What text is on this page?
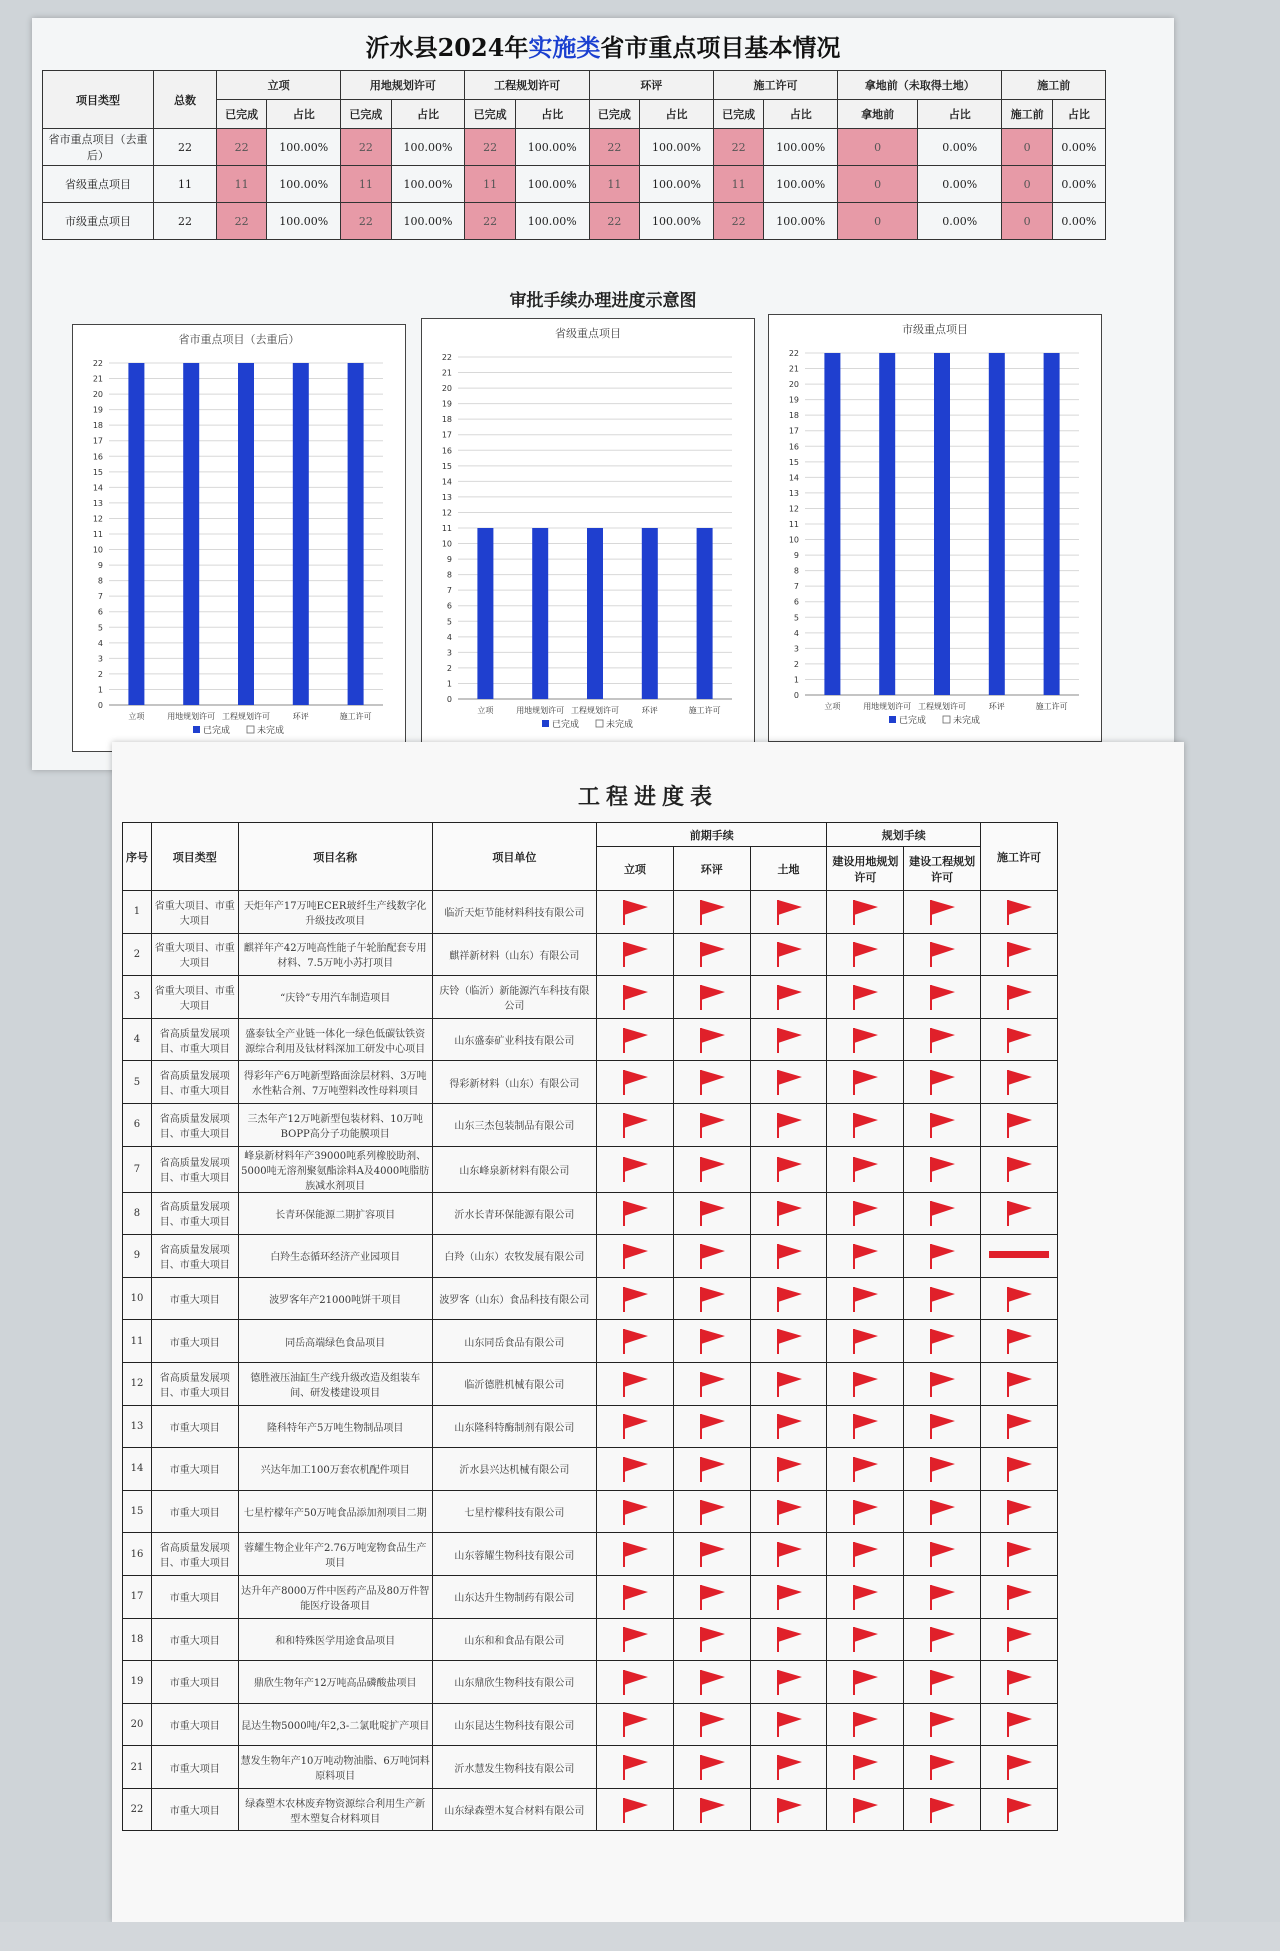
沂水县2024年实施类省市重点项目基本情况
项目类型	总数	立项		用地规划许可		工程规划许可		环评		施工许可		拿地前（未取得土地）		施工前	
		已完成	占比	已完成	占比	已完成	占比	已完成	占比	已完成	占比	拿地前	占比	施工前	占比
省市重点项目（去重后）	22	22	100.00%	22	100.00%	22	100.00%	22	100.00%	22	100.00%	0	0.00%	0	0.00%
省级重点项目	11	11	100.00%	11	100.00%	11	100.00%	11	100.00%	11	100.00%	0	0.00%	0	0.00%
市级重点项目	22	22	100.00%	22	100.00%	22	100.00%	22	100.00%	22	100.00%	0	0.00%	0	0.00%
审批手续办理进度示意图
省市重点项目（去重后）
0
1
2
3
4
5
6
7
8
9
10
11
12
13
14
15
16
17
18
19
20
21
22
立项	用地规划许可 工程规划许可	环评	施工许可
已完成	未完成
省级重点项目
0
1
2
3
4
5
6
7
8
9
10
11
12
13
14
15
16
17
18
19
20
21
22
立项	用地规划许可 工程规划许可	环评	施工许可
已完成	未完成
市级重点项目
0
1
2
3
4
5
6
7
8
9
10
11
12
13
14
15
16
17
18
19
20
21
22
立项	用地规划许可 工程规划许可	环评	施工许可
已完成	未完成
工程进度表
序号	项目类型	项目名称	项目单位	前期手续			规划手续		施工许可
				立项	环评	土地	建设用地规划许可	建设工程规划许可	
1	省重大项目、市重大项目	天炬年产17万吨ECER玻纤生产线数字化升级技改项目	临沂天炬节能材料科技有限公司	

2	省重大项目、市重大项目	麒祥年产42万吨高性能子午轮胎配套专用材料、7.5万吨小苏打项目	麒祥新材料（山东）有限公司	

3	省重大项目、市重大项目	“庆铃”专用汽车制造项目	庆铃（临沂）新能源汽车科技有限公司	

4	省高质量发展项目、市重大项目	盛泰钛全产业链一体化一绿色低碳钛铁资源综合利用及钛材料深加工研发中心项目	山东盛泰矿业科技有限公司	

5	省高质量发展项目、市重大项目	得彩年产6万吨新型路面涂层材料、3万吨水性粘合剂、7万吨塑料改性母料项目	得彩新材料（山东）有限公司	

6	省高质量发展项目、市重大项目	三杰年产12万吨新型包装材料、10万吨BOPP高分子功能膜项目	山东三杰包装制品有限公司	

7	省高质量发展项目、市重大项目	峰泉新材料年产39000吨系列橡胶助剂、5000吨无溶剂聚氨酯涂料A及4000吨脂肪族减水剂项目	山东峰泉新材料有限公司	

8	省高质量发展项目、市重大项目	长青环保能源二期扩容项目	沂水长青环保能源有限公司	

9	省高质量发展项目、市重大项目	白羚生态循环经济产业园项目	白羚（山东）农牧发展有限公司	

10	市重大项目	波罗客年产21000吨饼干项目	波罗客（山东）食品科技有限公司	

11	市重大项目	同岳高端绿色食品项目	山东同岳食品有限公司	

12	省高质量发展项目、市重大项目	德胜液压油缸生产线升级改造及组装车间、研发楼建设项目	临沂德胜机械有限公司	

13	市重大项目	隆科特年产5万吨生物制品项目	山东隆科特酶制剂有限公司	

14	市重大项目	兴达年加工100万套农机配件项目	沂水县兴达机械有限公司	

15	市重大项目	七星柠檬年产50万吨食品添加剂项目二期	七星柠檬科技有限公司	

16	省高质量发展项目、市重大项目	蓉耀生物企业年产2.76万吨宠物食品生产项目	山东蓉耀生物科技有限公司	

17	市重大项目	达升年产8000万件中医药产品及80万件智能医疗设备项目	山东达升生物制药有限公司	

18	市重大项目	和和特殊医学用途食品项目	山东和和食品有限公司	

19	市重大项目	鼎欣生物年产12万吨高品磷酸盐项目	山东鼎欣生物科技有限公司	

20	市重大项目	昆达生物5000吨/年2,3-二氯吡啶扩产项目	山东昆达生物科技有限公司	

21	市重大项目	慧发生物年产10万吨动物油脂、6万吨饲料原料项目	沂水慧发生物科技有限公司	

22	市重大项目	绿森塑木农林废弃物资源综合利用生产新型木塑复合材料项目	山东绿森塑木复合材料有限公司	
